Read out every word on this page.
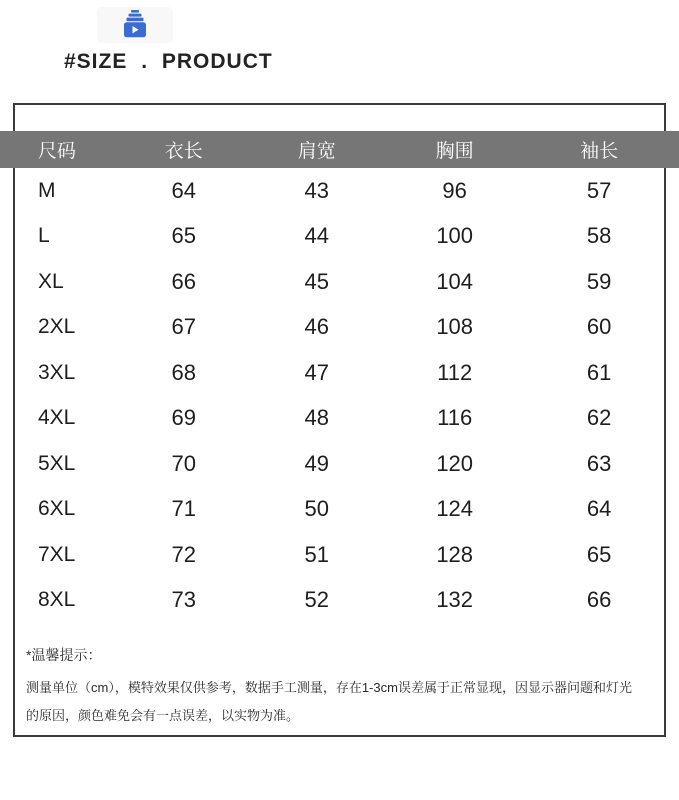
#SIZE . PRODUCT
尺码	衣长	肩宽	胸围	袖长
M	64	43	96	57
L	65	44	100	58
XL	66	45	104	59
2XL	67	46	108	60
3XL	68	47	112	61
4XL	69	48	116	62
5XL	70	49	120	63
6XL	71	50	124	64
7XL	72	51	128	65
8XL	73	52	132	66
*温馨提示：
测量单位（cm），模特效果仅供参考，数据手工测量，存在1-3cm误差属于正常显现，因显示器问题和灯光
的原因，颜色难免会有一点误差，以实物为准。
